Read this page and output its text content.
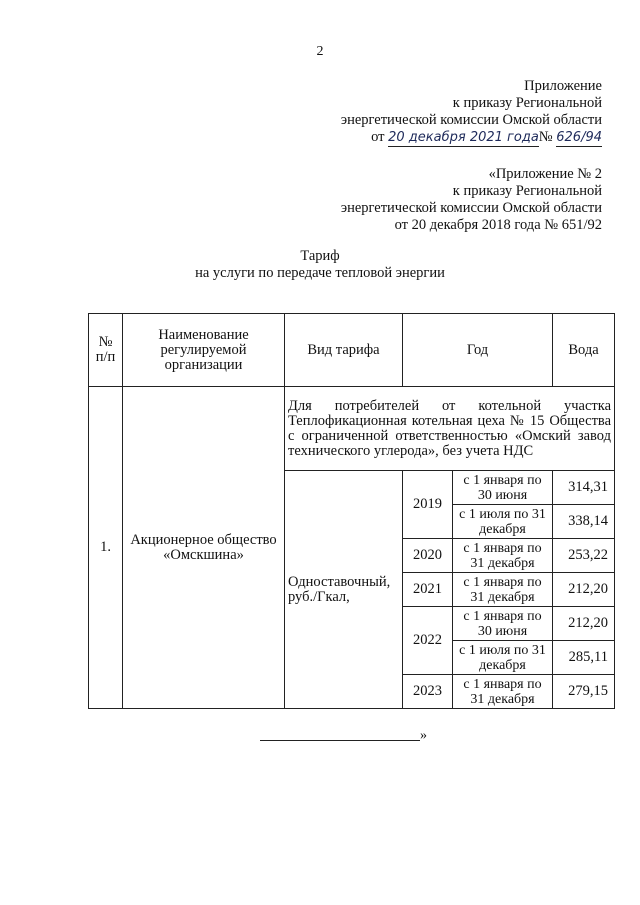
2
Приложение
к приказу Региональной
энергетической комиссии Омской области
от 20 декабря 2021 года№ 626/94
«Приложение № 2
к приказу Региональной
энергетической комиссии Омской области
от 20 декабря 2018 года № 651/92
Тариф
на услуги по передаче тепловой энергии
№ п/п	Наименование регулируемой организации	Вид тарифа	Год		Вода
1.	Акционерное общество «Омскшина»	Для потребителей от котельной участка Теплофикационная котельная цеха № 15 Общества с ограниченной ответственностью «Омский завод технического углерода», без учета НДС			
		Одноставочный, руб./Гкал,	2019	с 1 января по 30 июня	314,31
				с 1 июля по 31 декабря	338,14
			2020	с 1 января по 31 декабря	253,22
			2021	с 1 января по 31 декабря	212,20
			2022	с 1 января по 30 июня	212,20
				с 1 июля по 31 декабря	285,11
			2023	с 1 января по 31 декабря	279,15
»
